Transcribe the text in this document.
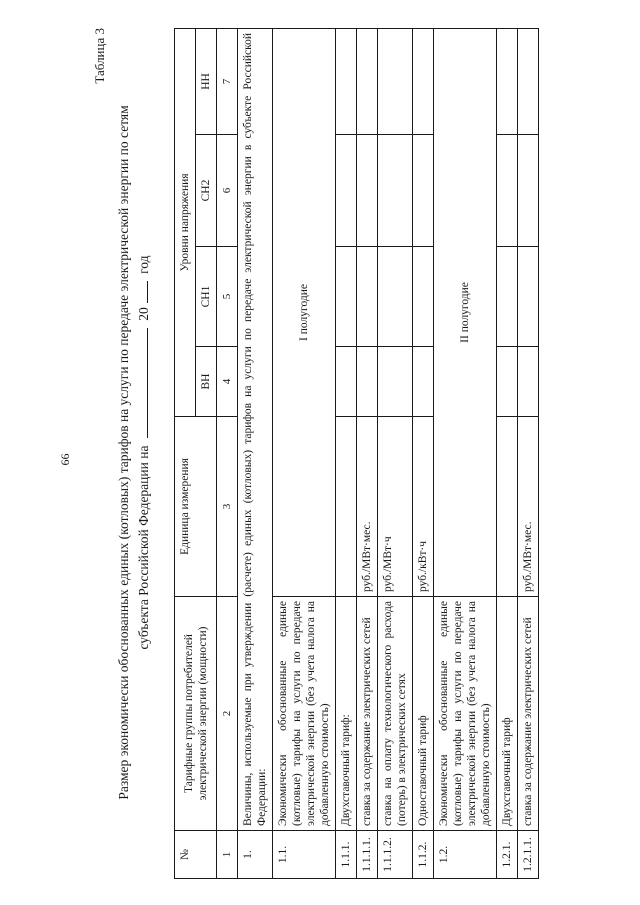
66
Таблица 3
Размер экономически обоснованных единых (котловых) тарифов на услуги по передаче электрической энергии по сетям субъекта Российской Федерации на  20 год
№	Тарифные группы потребителей электрической энергии (мощности)	Единица измерения	Уровни напряжения			
			ВН	СН1	СН2	НН
1	2	3	4	5	6	7
1.	Величины, используемые при утверждении (расчете) единых (котловых) тарифов на услуги по передаче электрической энергии в субъекте Российской Федерации:					
1.1.	Экономически обоснованные единые (котловые) тарифы на услуги по передаче электрической энергии (без учета налога на добавленную стоимость)	I полугодие				
1.1.1.	Двухставочный тариф:					
1.1.1.1.	ставка за содержание электрических сетей	руб./МВт·мес.				
1.1.1.2.	ставка на оплату технологического расхода (потерь) в электрических сетях	руб./МВт·ч				
1.1.2.	Одноставочный тариф	руб./кВт·ч				
1.2.	Экономически обоснованные единые (котловые) тарифы на услуги по передаче электрической энергии (без учета налога на добавленную стоимость)	II полугодие				
1.2.1.	Двухставочный тариф					
1.2.1.1.	ставка за содержание электрических сетей	руб./МВт·мес.				
